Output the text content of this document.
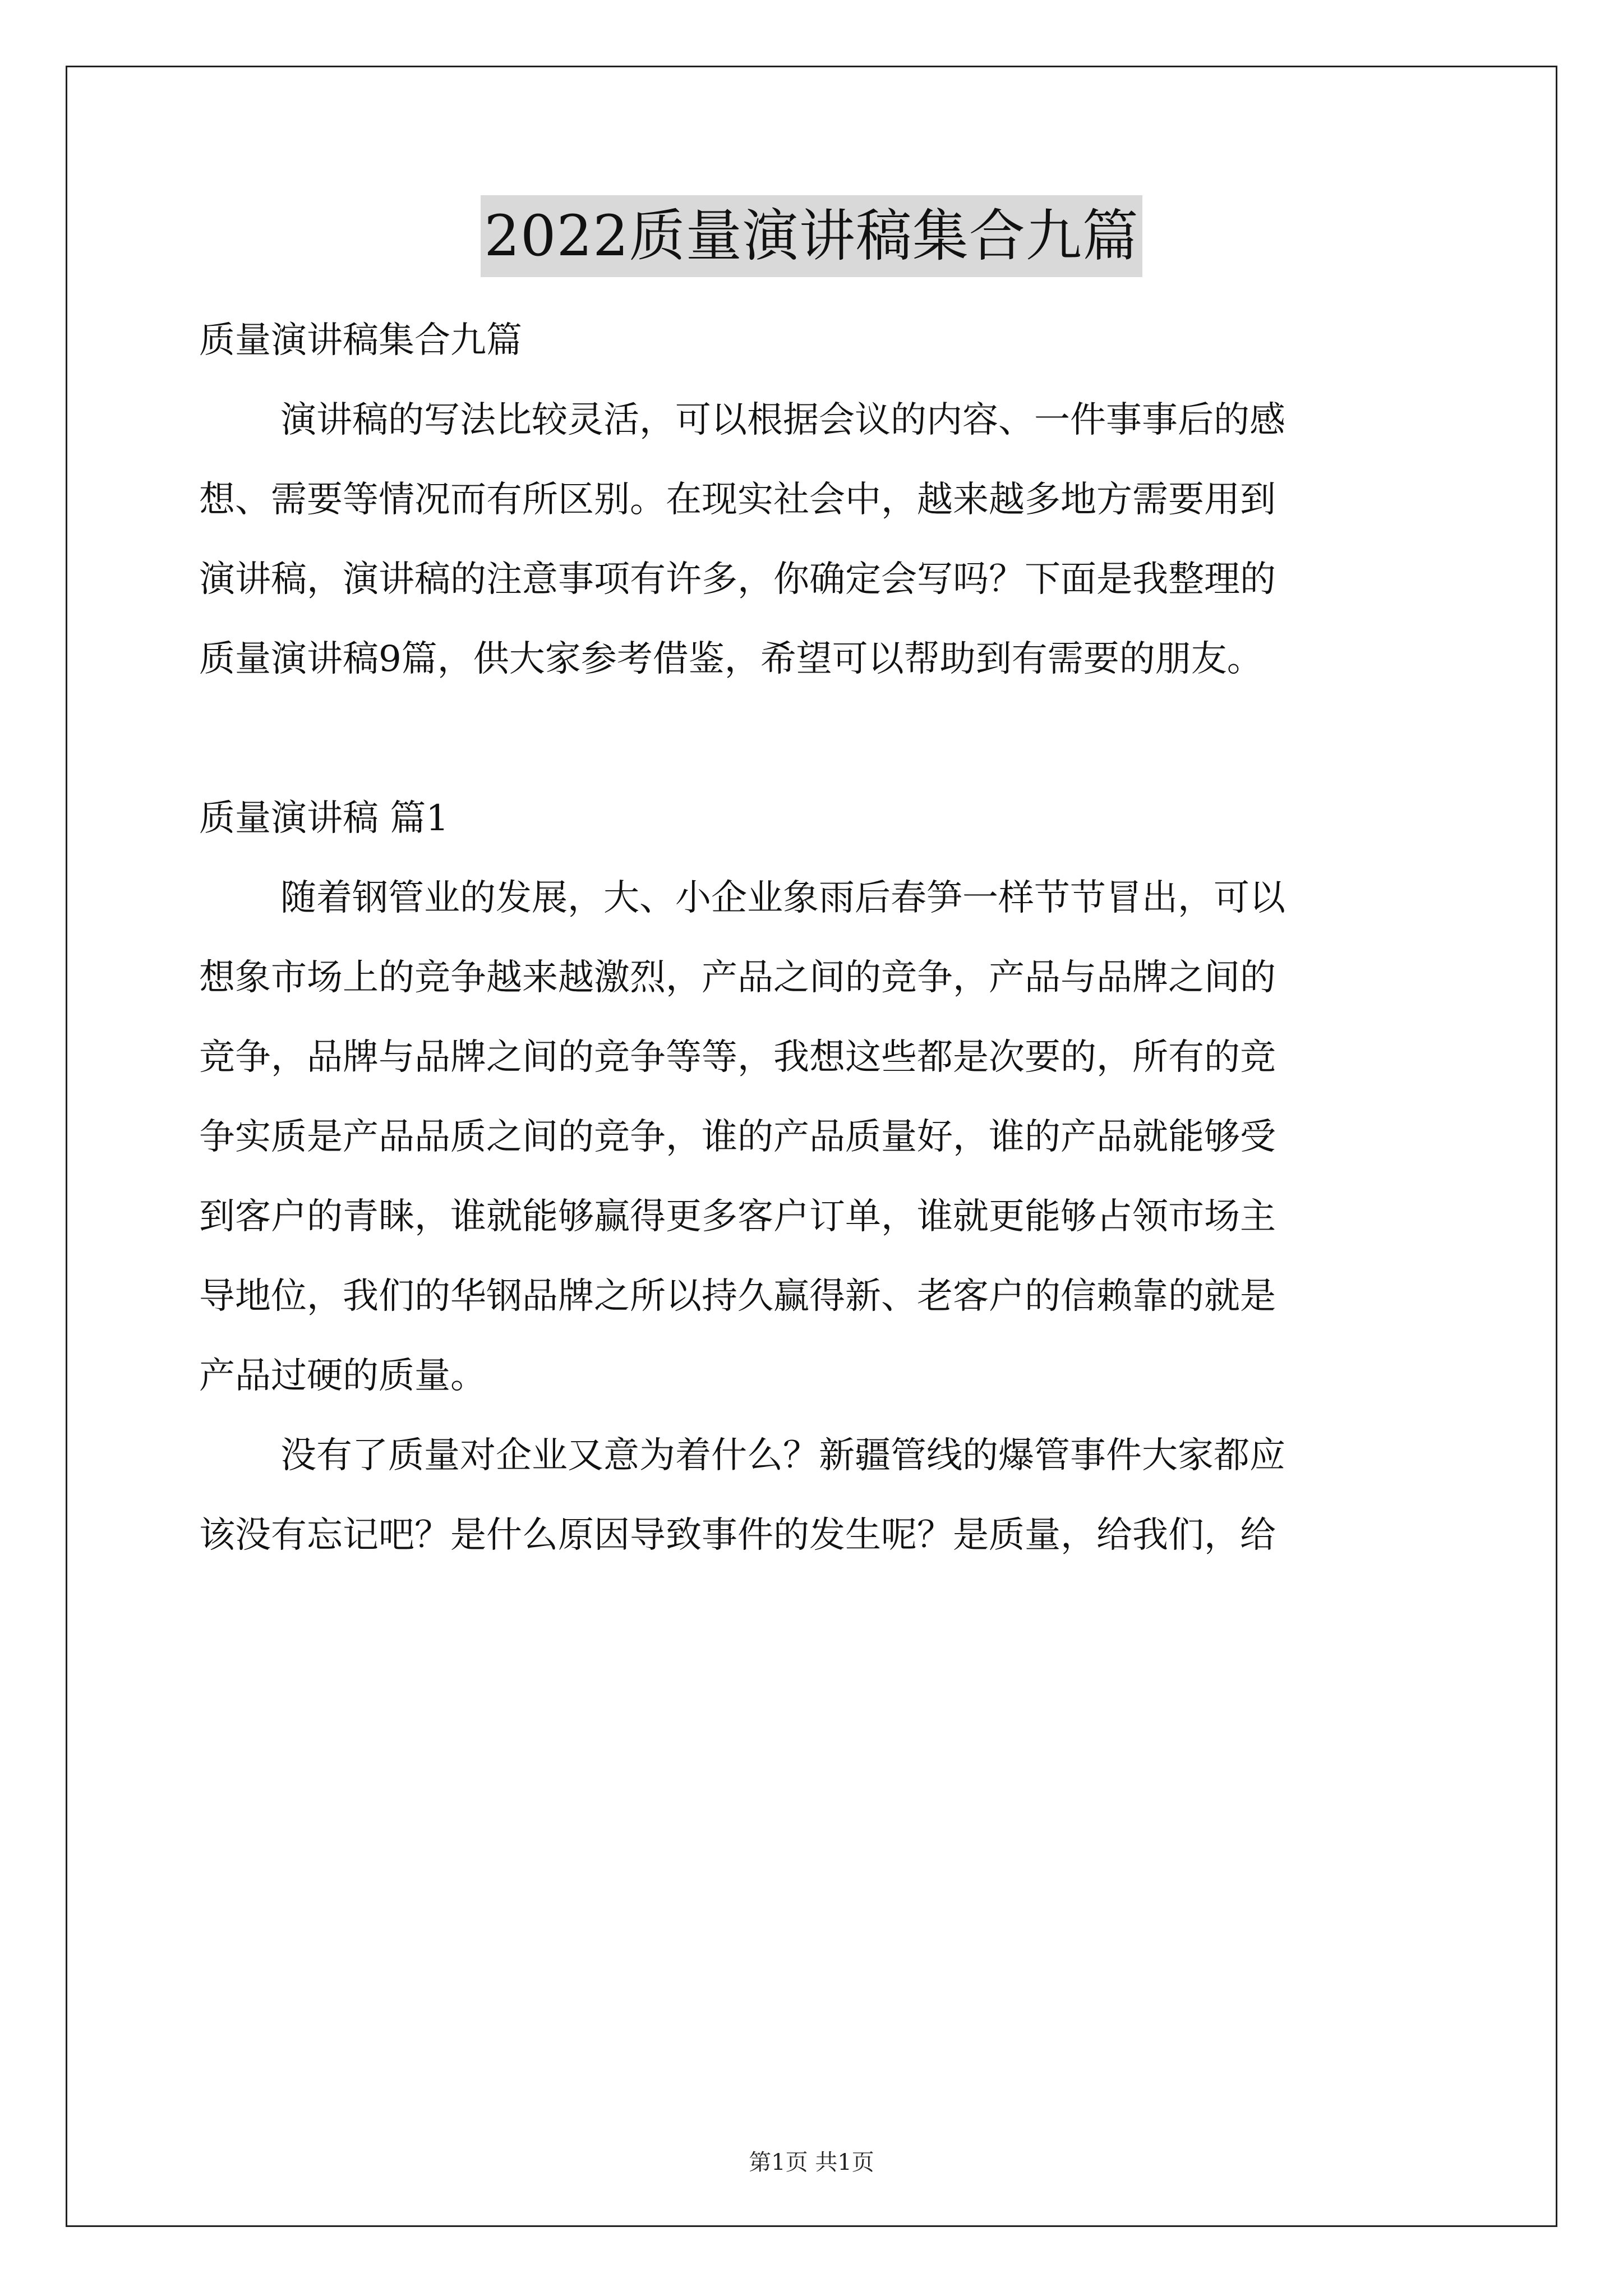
2022质量演讲稿集合九篇
质量演讲稿集合九篇
演讲稿的写法比较灵活，可以根据会议的内容、一件事事后的感
想、需要等情况而有所区别。在现实社会中，越来越多地方需要用到
演讲稿，演讲稿的注意事项有许多，你确定会写吗？下面是我整理的
质量演讲稿9篇，供大家参考借鉴，希望可以帮助到有需要的朋友。
质量演讲稿 篇1
随着钢管业的发展，大、小企业象雨后春笋一样节节冒出，可以
想象市场上的竞争越来越激烈，产品之间的竞争，产品与品牌之间的
竞争，品牌与品牌之间的竞争等等，我想这些都是次要的，所有的竞
争实质是产品品质之间的竞争，谁的产品质量好，谁的产品就能够受
到客户的青睐，谁就能够赢得更多客户订单，谁就更能够占领市场主
导地位，我们的华钢品牌之所以持久赢得新、老客户的信赖靠的就是
产品过硬的质量。
没有了质量对企业又意为着什么？新疆管线的爆管事件大家都应
该没有忘记吧？是什么原因导致事件的发生呢？是质量，给我们，给
第1页 共1页
